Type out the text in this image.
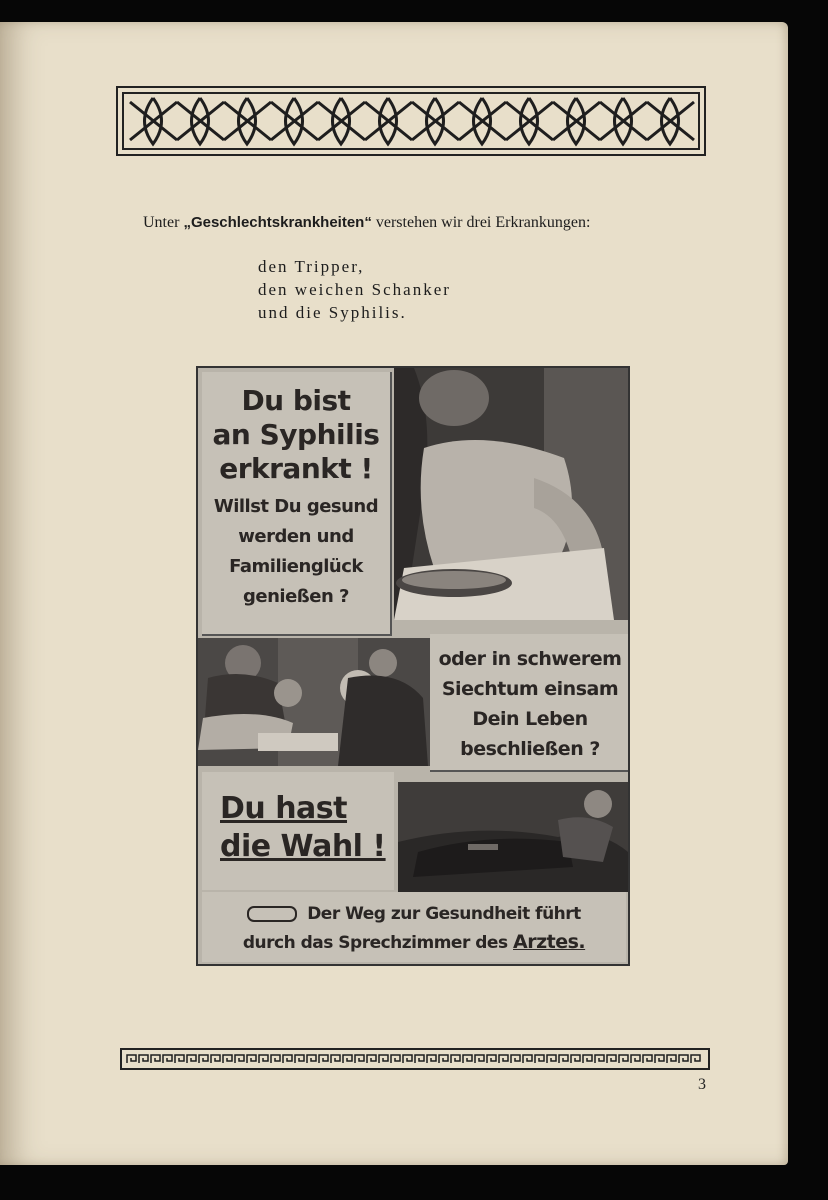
Unter „Geschlechtskrankheiten“ verstehen wir drei Erkrankungen:
den Tripper,
den weichen Schanker
und die Syphilis.
Du bist
an Syphilis
erkrankt !
Willst Du gesund
werden und
Familienglück
genießen ?
oder in schwerem
Siechtum einsam
Dein Leben
beschließen ?
Du hast
die Wahl !
Der Weg zur Gesundheit führt
durch das Sprechzimmer des Arztes.
3
